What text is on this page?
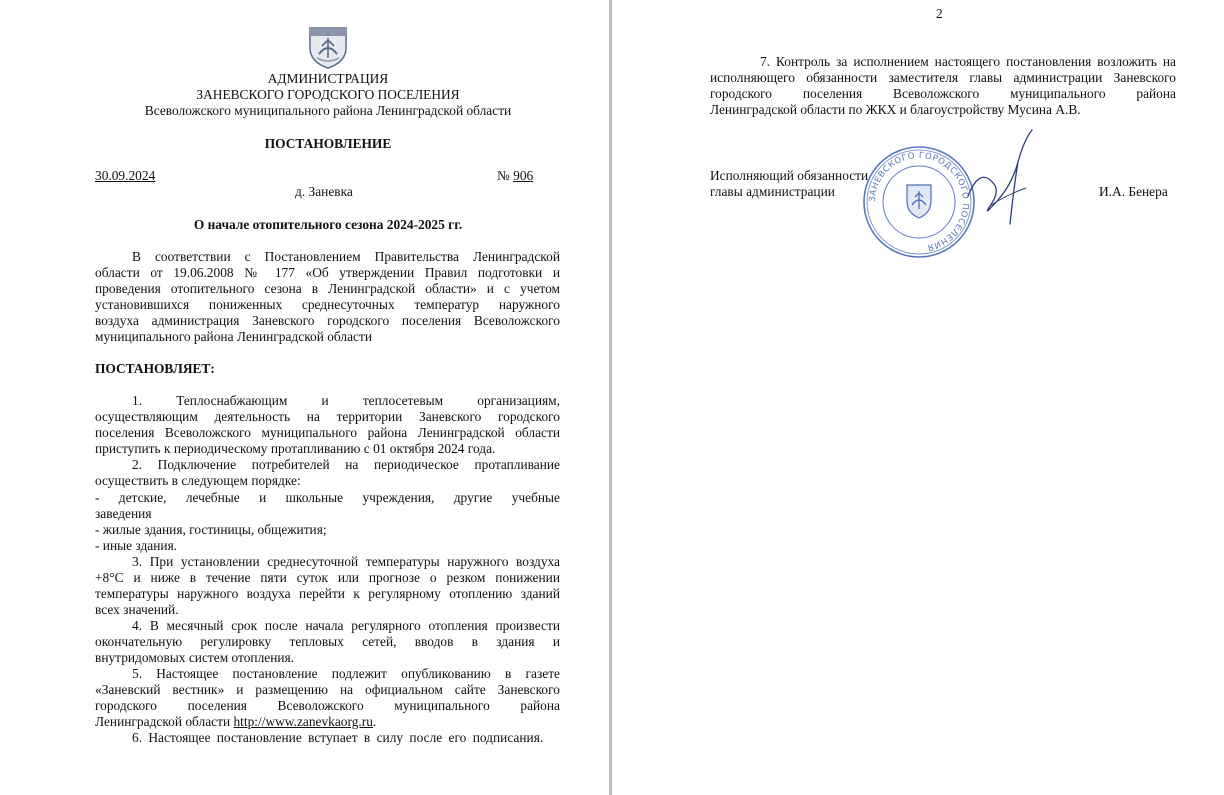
АДМИНИСТРАЦИЯ
ЗАНЕВСКОГО ГОРОДСКОГО ПОСЕЛЕНИЯ
Всеволожского муниципального района Ленинградской области
ПОСТАНОВЛЕНИЕ
30.09.2024	№ 906
д. Заневка
О начале отопительного сезона 2024-2025 гг.
В соответствии с Постановлением Правительства Ленинградской
области от 19.06.2008 № 177 «Об утверждении Правил подготовки и
проведения отопительного сезона в Ленинградской области» и с учетом
установившихся пониженных среднесуточных температур наружного
воздуха администрация Заневского городского поселения Всеволожского
муниципального района Ленинградской области
ПОСТАНОВЛЯЕТ:
1. Теплоснабжающим и теплосетевым организациям,
осуществляющим деятельность на территории Заневского городского
поселения Всеволожского муниципального района Ленинградской области
приступить к периодическому протапливанию с 01 октября 2024 года.
2. Подключение потребителей на периодическое протапливание
осуществить в следующем порядке:
- детские, лечебные и школьные учреждения, другие учебные
заведения
- жилые здания, гостиницы, общежития;
- иные здания.
3. При установлении среднесуточной температуры наружного воздуха
+8°С и ниже в течение пяти суток или прогнозе о резком понижении
температуры наружного воздуха перейти к регулярному отоплению зданий
всех значений.
4. В месячный срок после начала регулярного отопления произвести
окончательную регулировку тепловых сетей, вводов в здания и
внутридомовых систем отопления.
5. Настоящее постановление подлежит опубликованию в газете
«Заневский вестник» и размещению на официальном сайте Заневского
городского поселения Всеволожского муниципального района
Ленинградской области http://www.zanevkaorg.ru.
6. Настоящее постановление вступает в силу после его подписания.
2
7. Контроль за исполнением настоящего постановления возложить на
исполняющего обязанности заместителя главы администрации Заневского
городского поселения Всеволожского муниципального района
Ленинградской области по ЖКХ и благоустройству Мусина А.В.
Исполняющий обязанности
главы администрации	И.А. Бенера
ЗАНЕВСКОГО ГОРОДСКОГО ПОСЕЛЕНИЯ
